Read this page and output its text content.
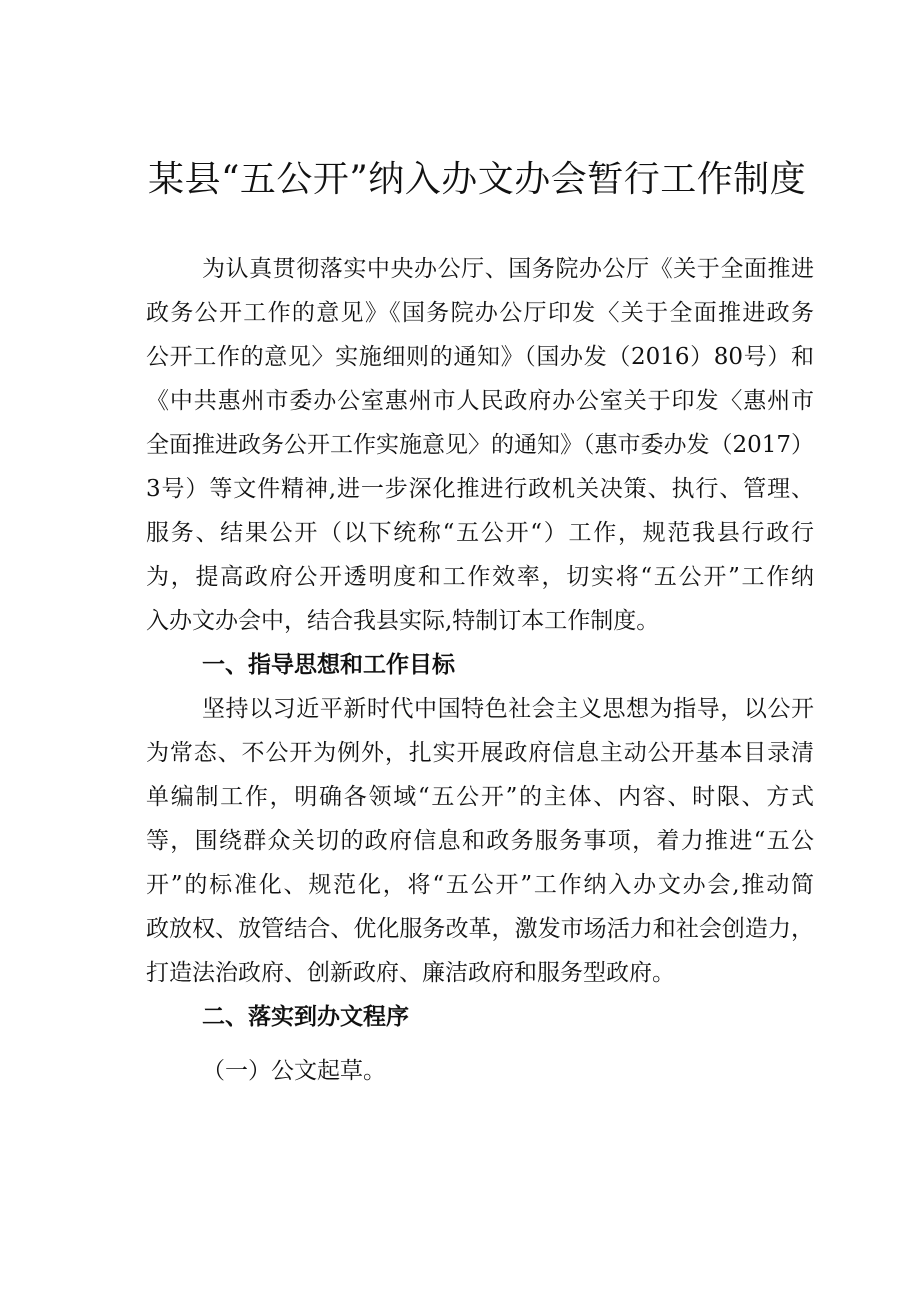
某县“五公开”纳入办文办会暂行工作制度
为认真贯彻落实中央办公厅、国务院办公厅《关于全面推进
政务公开工作的意见》《国务院办公厅印发〈关于全面推进政务
公开工作的意见〉实施细则的通知》（国办发（2016）80号）和
《中共惠州市委办公室惠州市人民政府办公室关于印发〈惠州市
全面推进政务公开工作实施意见〉的通知》（惠市委办发（2017）
3号）等文件精神,进一步深化推进行政机关决策、执行、管理、
服务、结果公开（以下统称“五公开“）工作，规范我县行政行
为，提高政府公开透明度和工作效率，切实将“五公开”工作纳
入办文办会中，结合我县实际,特制订本工作制度。
一、指导思想和工作目标
坚持以习近平新时代中国特色社会主义思想为指导，以公开
为常态、不公开为例外，扎实开展政府信息主动公开基本目录清
单编制工作，明确各领域“五公开”的主体、内容、时限、方式
等，围绕群众关切的政府信息和政务服务事项，着力推进“五公
开”的标准化、规范化，将“五公开”工作纳入办文办会,推动简
政放权、放管结合、优化服务改革，激发市场活力和社会创造力，
打造法治政府、创新政府、廉洁政府和服务型政府。
二、落实到办文程序
（一）公文起草。
